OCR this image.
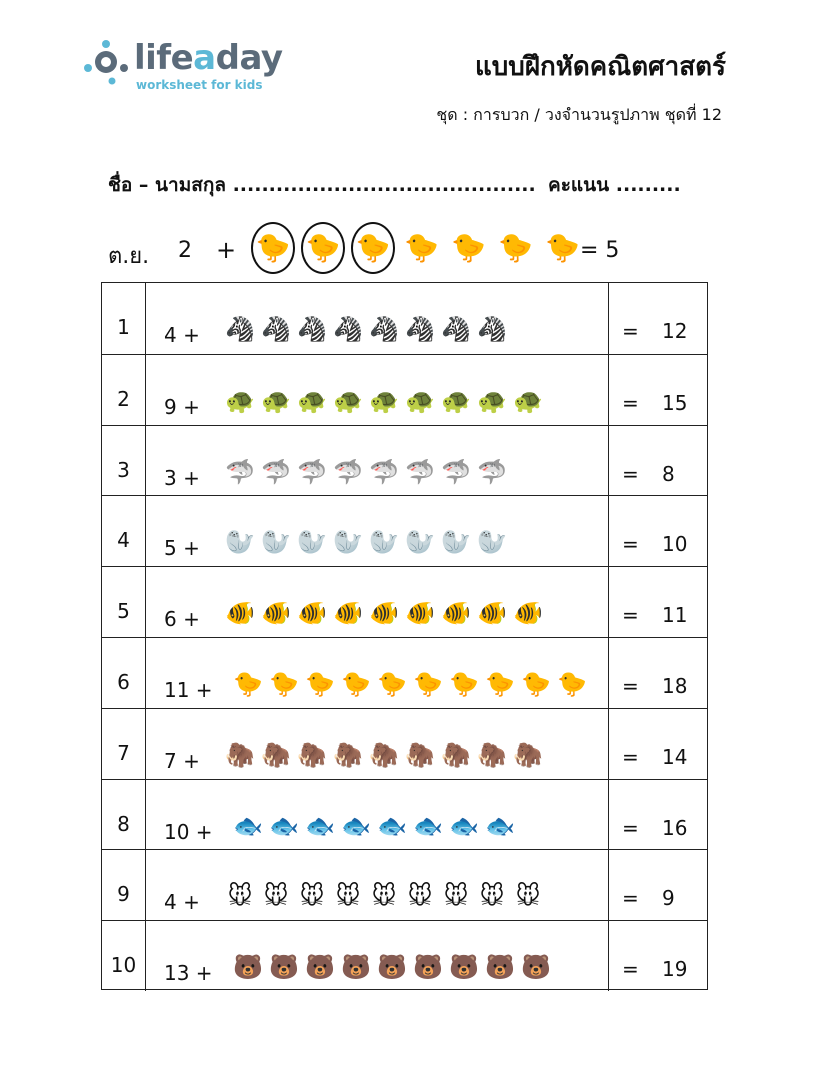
lifeaday
worksheet for kids
แบบฝึกหัดคณิตศาสตร์
ชุด : การบวก / วงจำนวนรูปภาพ ชุดที่ 12
ชื่อ – นามสกุล .......................................... คะแนน .........
ต.ย. 2 + 🐤 🐤 🐤 🐤 🐤 🐤 🐤 = 5
1	4 + 🦓 🦓 🦓 🦓 🦓 🦓 🦓 🦓	= 12
2	9 + 🐢 🐢 🐢 🐢 🐢 🐢 🐢 🐢 🐢	= 15
3	3 + 🦈 🦈 🦈 🦈 🦈 🦈 🦈 🦈	= 8
4	5 + 🦭 🦭 🦭 🦭 🦭 🦭 🦭 🦭	= 10
5	6 + 🐠 🐠 🐠 🐠 🐠 🐠 🐠 🐠 🐠	= 11
6	11 + 🐤 🐤 🐤 🐤 🐤 🐤 🐤 🐤 🐤 🐤 = 18
7	7 + 🦣 🦣 🦣 🦣 🦣 🦣 🦣 🦣 🦣	= 14
8	10 + 🐟 🐟 🐟 🐟 🐟 🐟 🐟 🐟	= 16
9	4 + 🐭 🐭 🐭 🐭 🐭 🐭 🐭 🐭 🐭	= 9
10	13 + 🐻 🐻 🐻 🐻 🐻 🐻 🐻 🐻 🐻	= 19
